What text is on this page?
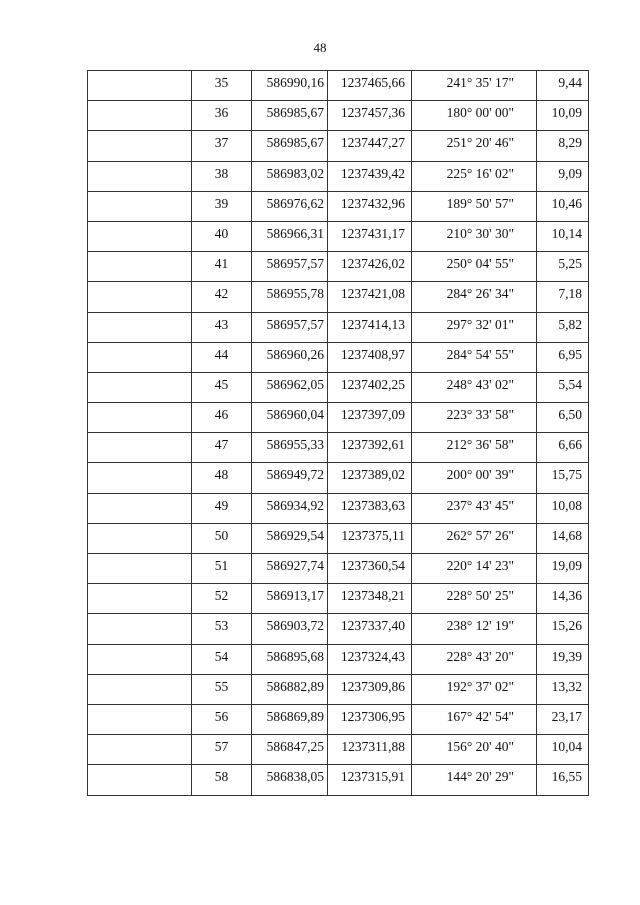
48
	35	586990,16	1237465,66	241° 35' 17"	9,44
	36	586985,67	1237457,36	180° 00' 00"	10,09
	37	586985,67	1237447,27	251° 20' 46"	8,29
	38	586983,02	1237439,42	225° 16' 02"	9,09
	39	586976,62	1237432,96	189° 50' 57"	10,46
	40	586966,31	1237431,17	210° 30' 30"	10,14
	41	586957,57	1237426,02	250° 04' 55"	5,25
	42	586955,78	1237421,08	284° 26' 34"	7,18
	43	586957,57	1237414,13	297° 32' 01"	5,82
	44	586960,26	1237408,97	284° 54' 55"	6,95
	45	586962,05	1237402,25	248° 43' 02"	5,54
	46	586960,04	1237397,09	223° 33' 58"	6,50
	47	586955,33	1237392,61	212° 36' 58"	6,66
	48	586949,72	1237389,02	200° 00' 39"	15,75
	49	586934,92	1237383,63	237° 43' 45"	10,08
	50	586929,54	1237375,11	262° 57' 26"	14,68
	51	586927,74	1237360,54	220° 14' 23"	19,09
	52	586913,17	1237348,21	228° 50' 25"	14,36
	53	586903,72	1237337,40	238° 12' 19"	15,26
	54	586895,68	1237324,43	228° 43' 20"	19,39
	55	586882,89	1237309,86	192° 37' 02"	13,32
	56	586869,89	1237306,95	167° 42' 54"	23,17
	57	586847,25	1237311,88	156° 20' 40"	10,04
	58	586838,05	1237315,91	144° 20' 29"	16,55
